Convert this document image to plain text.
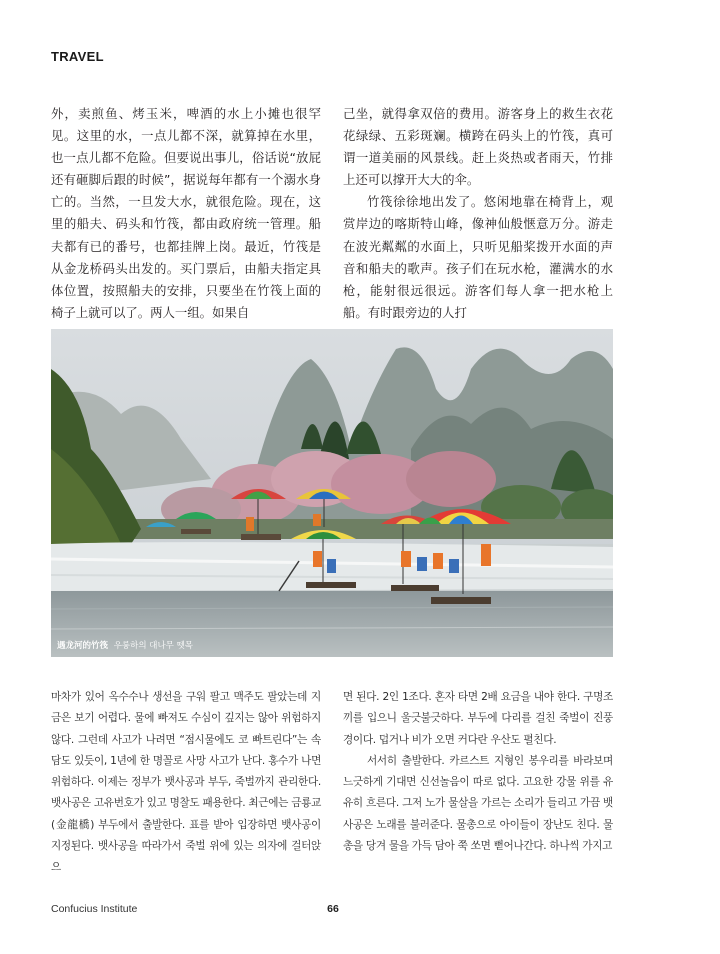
TRAVEL

外，卖煎鱼、烤玉米，啤酒的水上小摊也很罕见。这里的水，一点儿都不深，就算掉在水里，也一点儿都不危险。但要说出事儿，俗话说“放屁还有砸脚后跟的时候”，据说每年都有一个溺水身亡的。当然，一旦发大水，就很危险。现在，这里的船夫、码头和竹筏，都由政府统一管理。船夫都有已的番号，也都挂牌上岗。最近，竹筏是从金龙桥码头出发的。买门票后，由船夫指定具体位置，按照船夫的安排，只要坐在竹筏上面的椅子上就可以了。两人一组。如果自

己坐，就得拿双倍的费用。游客身上的救生衣花花绿绿、五彩斑斓。横跨在码头上的竹筏，真可谓一道美丽的风景线。赶上炎热或者雨天，竹排上还可以撑开大大的伞。

竹筏徐徐地出发了。悠闲地靠在椅背上，观赏岸边的喀斯特山峰，像神仙般惬意万分。游走在波光粼粼的水面上，只听见船桨拨开水面的声音和船夫的歌声。孩子们在玩水枪，灌满水的水枪，能射很远很远。游客们每人拿一把水枪上船。有时跟旁边的人打

遇龙河的竹筏 우룽하의 대나무 뗏목

마차가 있어 옥수수나 생선을 구워 팔고 맥주도 팔았는데 지금은 보기 어렵다. 물에 빠져도 수심이 깊지는 않아 위험하지 않다. 그런데 사고가 나려면 “점시물에도 코 빠트린다”는 속담도 있듯이, 1년에 한 명꼴로 사망 사고가 난다. 홍수가 나면 위험하다. 이제는 정부가 뱃사공과 부두, 죽벌까지 관리한다. 뱃사공은 고유번호가 있고 명찰도 패용한다. 최근에는 금룡교(金龍橋) 부두에서 출발한다. 표를 받아 입장하면 뱃사공이 지정된다. 뱃사공을 따라가서 죽벌 위에 있는 의자에 걸터앉으

면 된다. 2인 1조다. 혼자 타면 2배 요금을 내야 한다. 구명조끼를 입으니 울긋불긋하다. 부두에 다리를 걸친 죽벌이 진풍경이다. 덥거나 비가 오면 커다란 우산도 펼친다.

서서히 출발한다. 카르스트 지형인 봉우리를 바라보며 느긋하게 기대면 신선놀음이 따로 없다. 고요한 강물 위를 유유히 흐른다. 그저 노가 물살을 가르는 소리가 들리고 가끔 뱃사공은 노래를 불러준다. 물총으로 아이들이 장난도 친다. 물총을 당겨 물을 가득 담아 쭉 쏘면 뻗어나간다. 하나씩 가지고

Confucius Institute	66
